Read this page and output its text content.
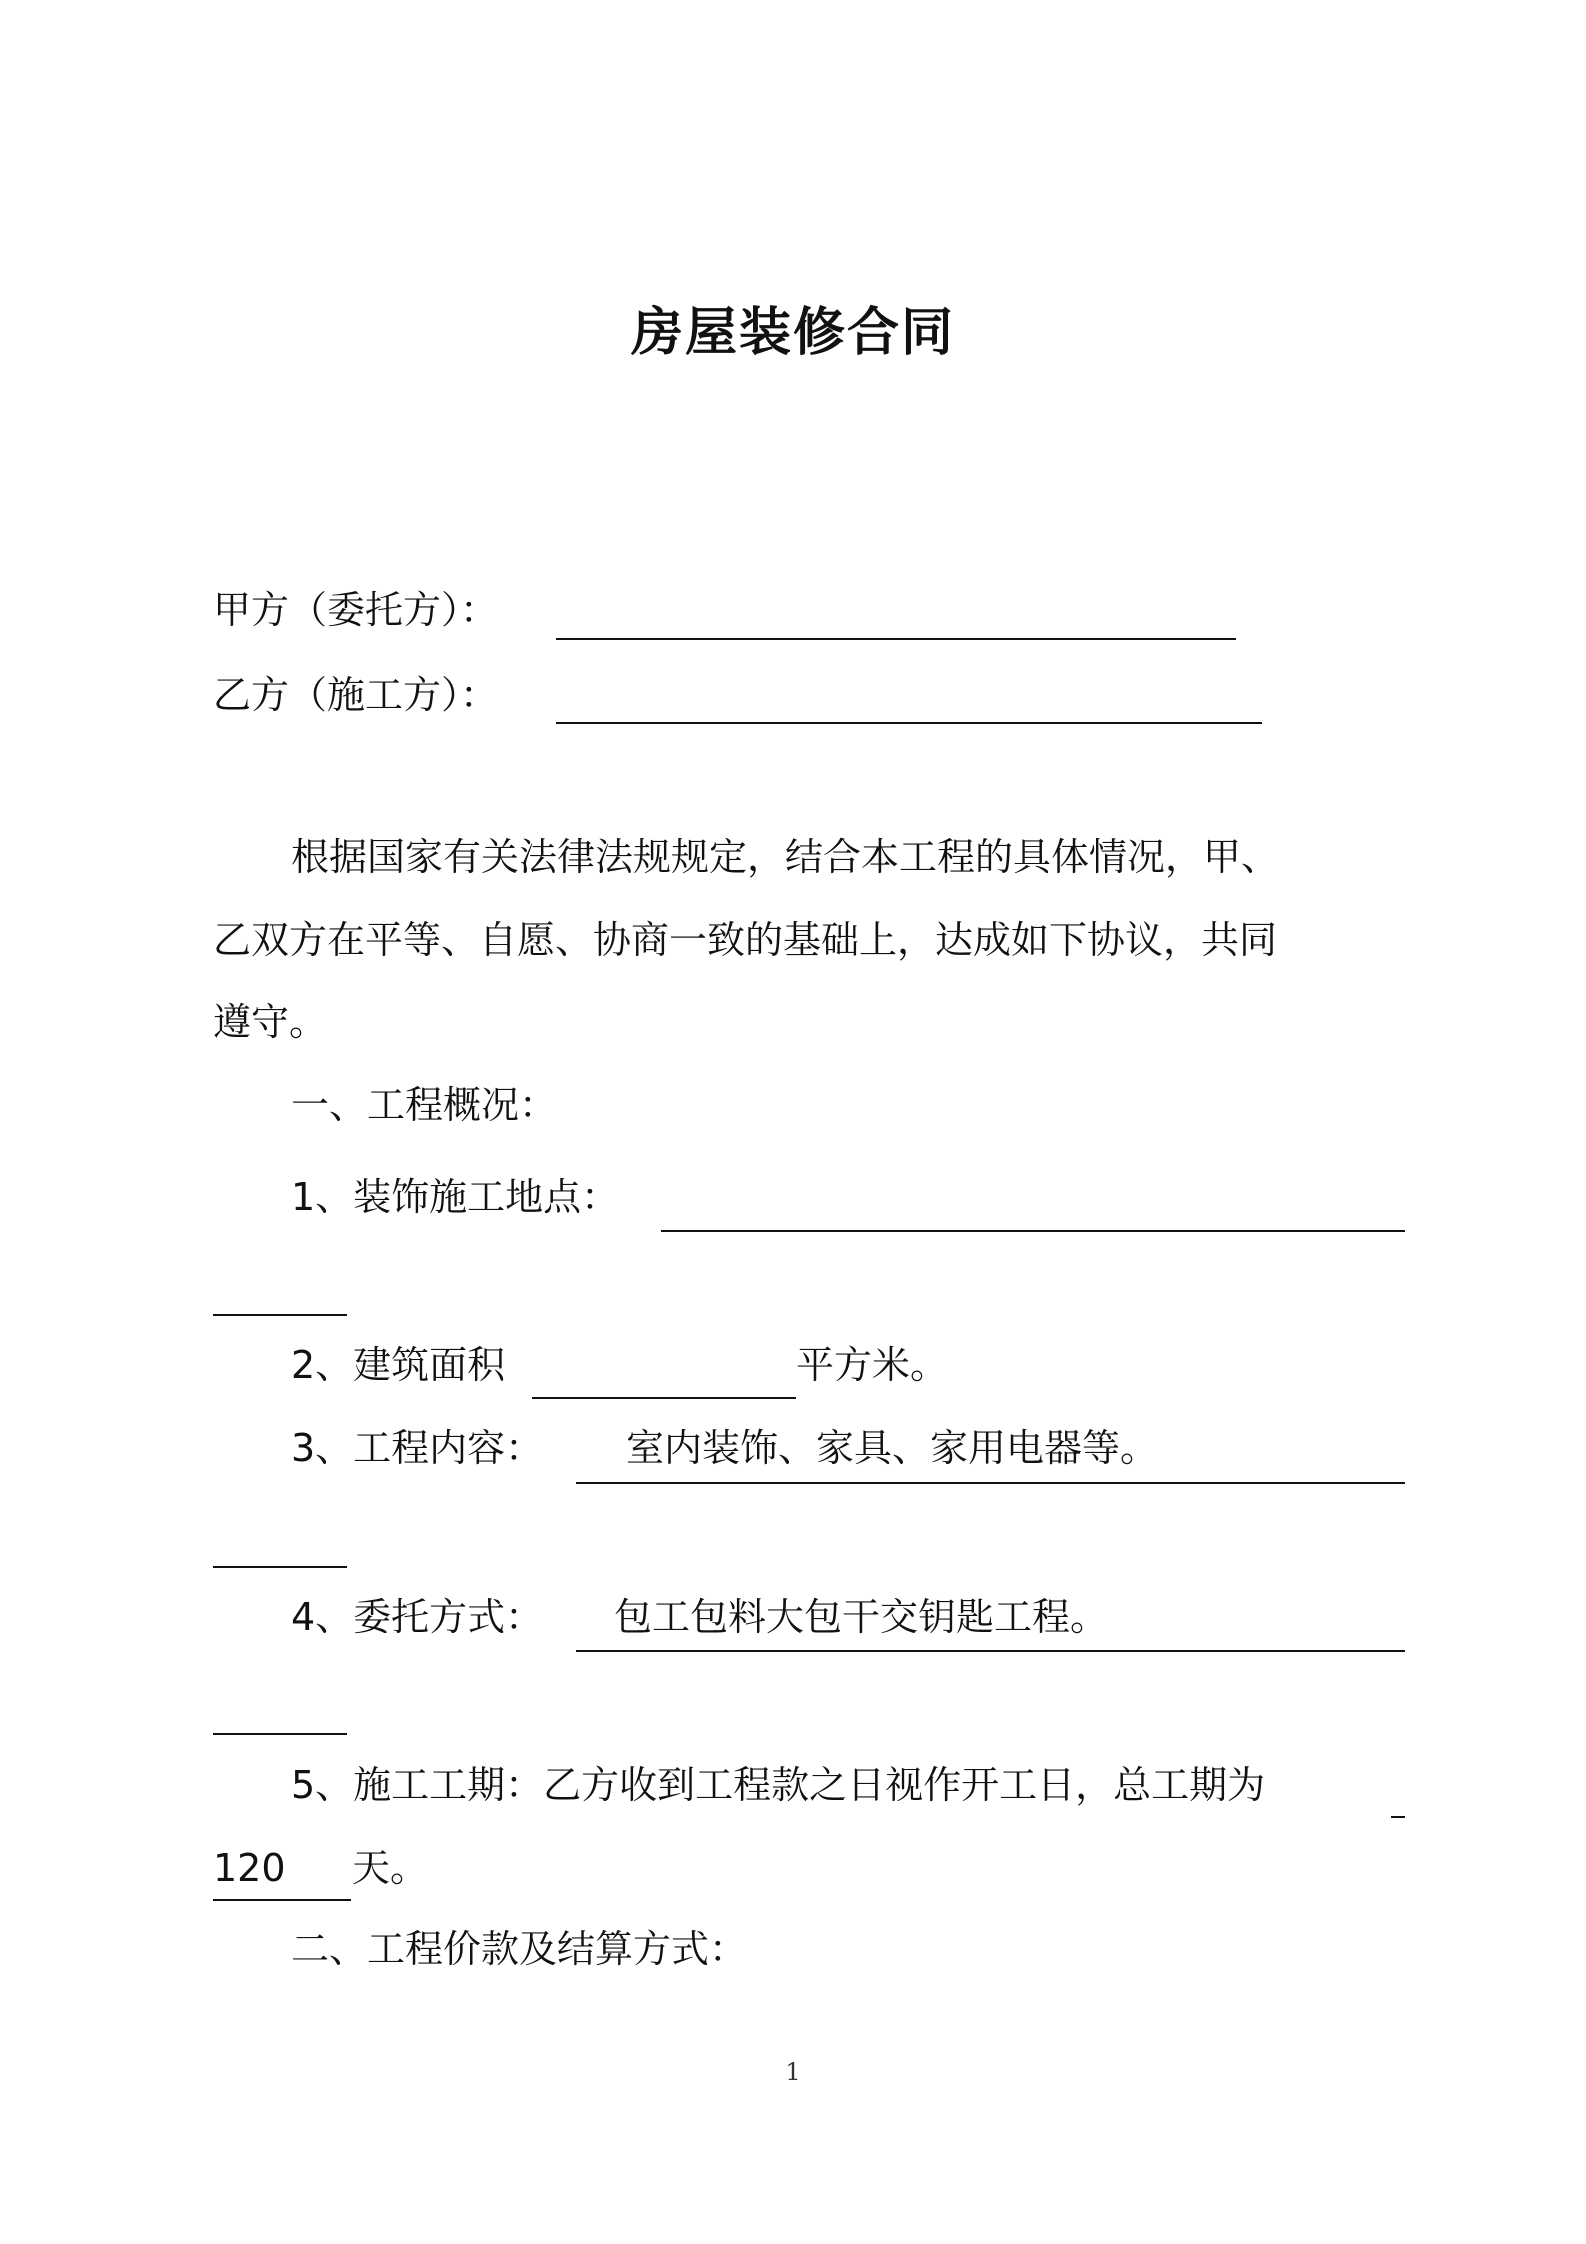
房屋装修合同
甲方（委托方）：
乙方（施工方）：
根据国家有关法律法规规定，结合本工程的具体情况，甲、
乙双方在平等、自愿、协商一致的基础上，达成如下协议，共同
遵守。
一、工程概况：
1、装饰施工地点：
2、建筑面积	平方米。
3、工程内容： 室内装饰、家具、家用电器等。
4、委托方式： 包工包料大包干交钥匙工程。
5、施工工期：乙方收到工程款之日视作开工日，总工期为
120 天。
二、工程价款及结算方式：
1
